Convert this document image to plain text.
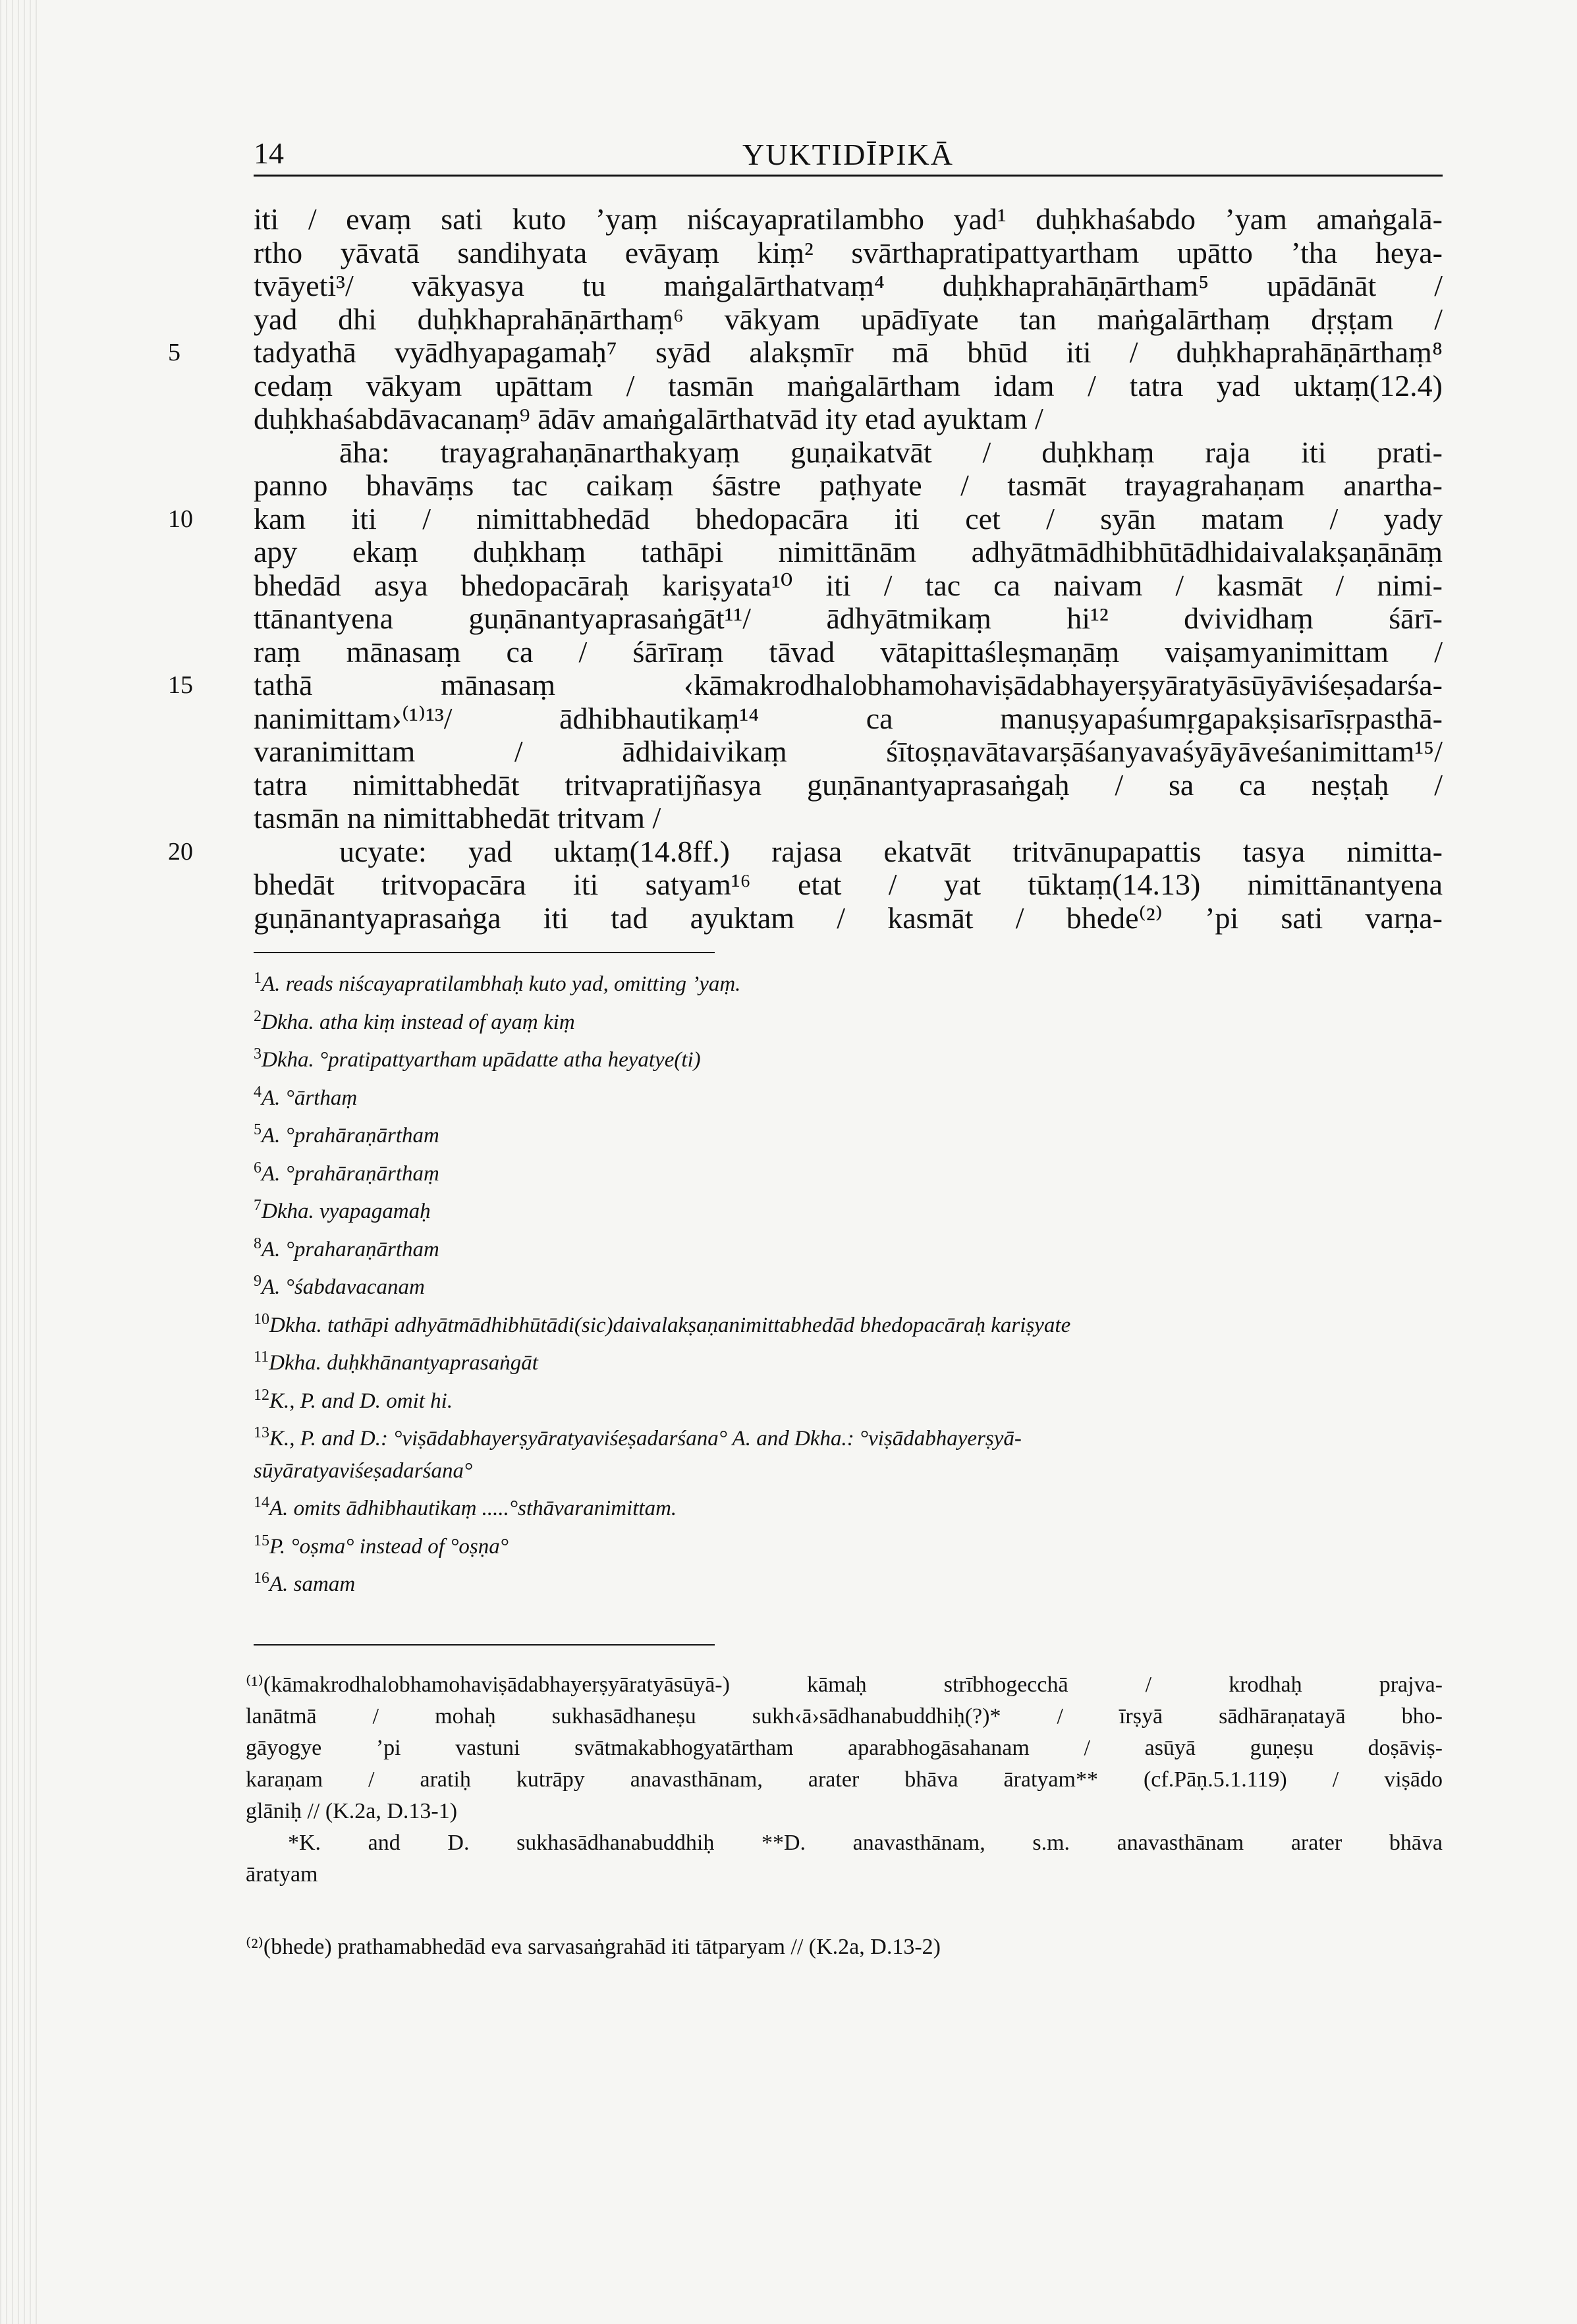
14	YUKTIDĪPIKĀ
iti / evaṃ sati kuto ’yaṃ niścayapratilambho yad¹ duḥkhaśabdo ’yam amaṅgalā-
rtho yāvatā sandihyata evāyaṃ kiṃ² svārthapratipattyartham upātto ’tha heya-
tvāyeti³/ vākyasya tu maṅgalārthatvaṃ⁴ duḥkhaprahāṇārtham⁵ upādānāt /
yad dhi duḥkhaprahāṇārthaṃ⁶ vākyam upādīyate tan maṅgalārthaṃ dṛṣṭam /
5 tadyathā vyādhyapagamaḥ⁷ syād alakṣmīr mā bhūd iti / duḥkhaprahāṇārthaṃ⁸
cedaṃ vākyam upāttam / tasmān maṅgalārtham idam / tatra yad uktaṃ(12.4)
duḥkhaśabdāvacanaṃ⁹ ādāv amaṅgalārthatvād ity etad ayuktam /
āha: trayagrahaṇānarthakyaṃ guṇaikatvāt / duḥkhaṃ raja iti prati-
panno bhavāṃs tac caikaṃ śāstre paṭhyate / tasmāt trayagrahaṇam anartha-
10 kam iti / nimittabhedād bhedopacāra iti cet / syān matam / yady
apy ekaṃ duḥkhaṃ tathāpi nimittānām adhyātmādhibhūtādhidaivalakṣaṇānāṃ
bhedād asya bhedopacāraḥ kariṣyata¹⁰ iti / tac ca naivam / kasmāt / nimi-
ttānantyena guṇānantyaprasaṅgāt¹¹/ ādhyātmikaṃ hi¹² dvividhaṃ śārī-
raṃ mānasaṃ ca / śārīraṃ tāvad vātapittaśleṣmaṇāṃ vaiṣamyanimittam /
15 tathā mānasaṃ ‹kāmakrodhalobhamohaviṣādabhayerṣyāratyāsūyāviśeṣadarśa-
nanimittam›⁽¹⁾¹³/ ādhibhautikaṃ¹⁴ ca manuṣyapaśumṛgapakṣisarīsṛpasthā-
varanimittam / ādhidaivikaṃ śītoṣṇavātavarṣāśanyavaśyāyāveśanimittam¹⁵/
tatra nimittabhedāt tritvapratijñasya guṇānantyaprasaṅgaḥ / sa ca neṣṭaḥ /
tasmān na nimittabhedāt tritvam /
20	ucyate: yad uktaṃ(14.8ff.) rajasa ekatvāt tritvānupapattis tasya nimitta-
bhedāt tritvopacāra iti satyam¹⁶ etat / yat tūktaṃ(14.13) nimittānantyena
guṇānantyaprasaṅga iti tad ayuktam / kasmāt / bhede⁽²⁾ ’pi sati varṇa-
$^1$A. reads niścayapratilambhaḥ kuto yad, omitting ’yaṃ.
$^2$Dkha. atha kiṃ instead of ayaṃ kiṃ
$^3$Dkha. °pratipattyartham upādatte atha heyatye(ti)
$^4$A. °ārthaṃ
$^5$A. °prahāraṇārtham
$^6$A. °prahāraṇārthaṃ
$^7$Dkha. vyapagamaḥ
$^8$A. °praharaṇārtham
$^9$A. °śabdavacanam
$^{10}$Dkha. tathāpi adhyātmādhibhūtādi(sic)daivalakṣaṇanimittabhedād bhedopacāraḥ kariṣyate
$^{11}$Dkha. duḥkhānantyaprasaṅgāt
$^{12}$K., P. and D. omit hi.
$^{13}$K., P. and D.: °viṣādabhayerṣyāratyaviśeṣadarśana° A. and Dkha.: °viṣādabhayerṣyā-
sūyāratyaviśeṣadarśana°
$^{14}$A. omits ādhibhautikaṃ .....°sthāvaranimittam.
$^{15}$P. °oṣma° instead of °oṣṇa°
$^{16}$A. samam
⁽¹⁾(kāmakrodhalobhamohaviṣādabhayerṣyāratyāsūyā-) kāmaḥ strībhogecchā / krodhaḥ prajva-
lanātmā / mohaḥ sukhasādhaneṣu sukh‹ā›sādhanabuddhiḥ(?)* / īrṣyā sādhāraṇatayā bho-
gāyogye ’pi vastuni svātmakabhogyatārtham aparabhogāsahanam / asūyā guṇeṣu doṣāviṣ-
karaṇam / aratiḥ kutrāpy anavasthānam, arater bhāva āratyam** (cf.Pāṇ.5.1.119) / viṣādo
glāniḥ // (K.2a, D.13-1)
*K. and D. sukhasādhanabuddhiḥ **D. anavasthānam, s.m. anavasthānam arater bhāva
āratyam
⁽²⁾(bhede) prathamabhedād eva sarvasaṅgrahād iti tātparyam // (K.2a, D.13-2)
